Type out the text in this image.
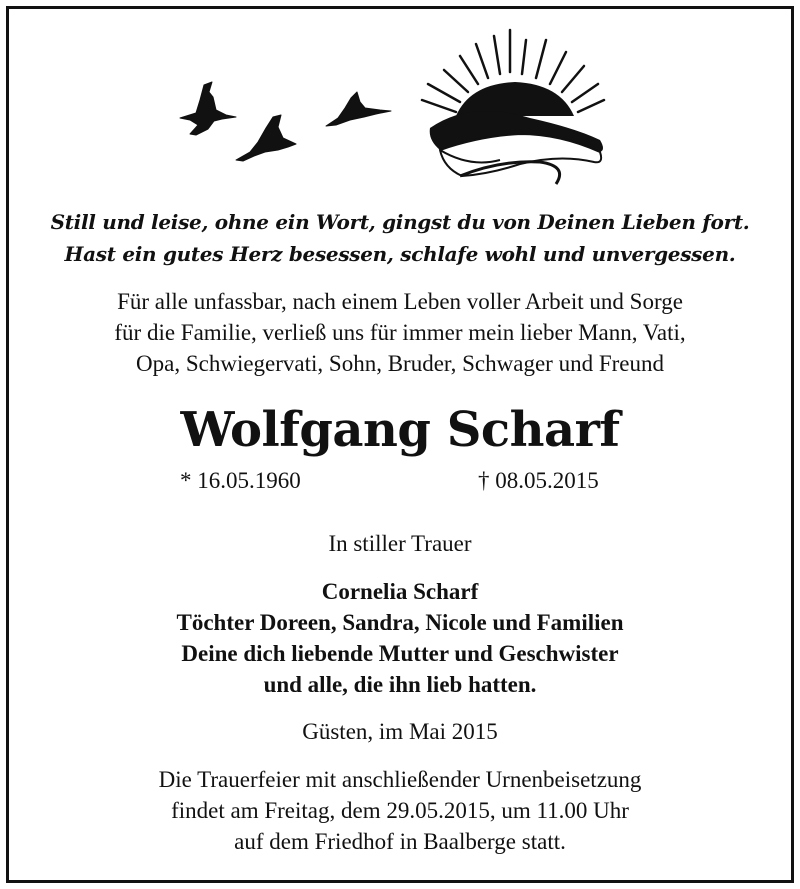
Still und leise, ohne ein Wort, gingst du von Deinen Lieben fort.
Hast ein gutes Herz besessen, schlafe wohl und unvergessen.
Für alle unfassbar, nach einem Leben voller Arbeit und Sorge
für die Familie, verließ uns für immer mein lieber Mann, Vati,
Opa, Schwiegervati, Sohn, Bruder, Schwager und Freund
Wolfgang Scharf
* 16.05.1960	† 08.05.2015
In stiller Trauer
Cornelia Scharf
Töchter Doreen, Sandra, Nicole und Familien
Deine dich liebende Mutter und Geschwister
und alle, die ihn lieb hatten.
Güsten, im Mai 2015
Die Trauerfeier mit anschließender Urnenbeisetzung
findet am Freitag, dem 29.05.2015, um 11.00 Uhr
auf dem Friedhof in Baalberge statt.
